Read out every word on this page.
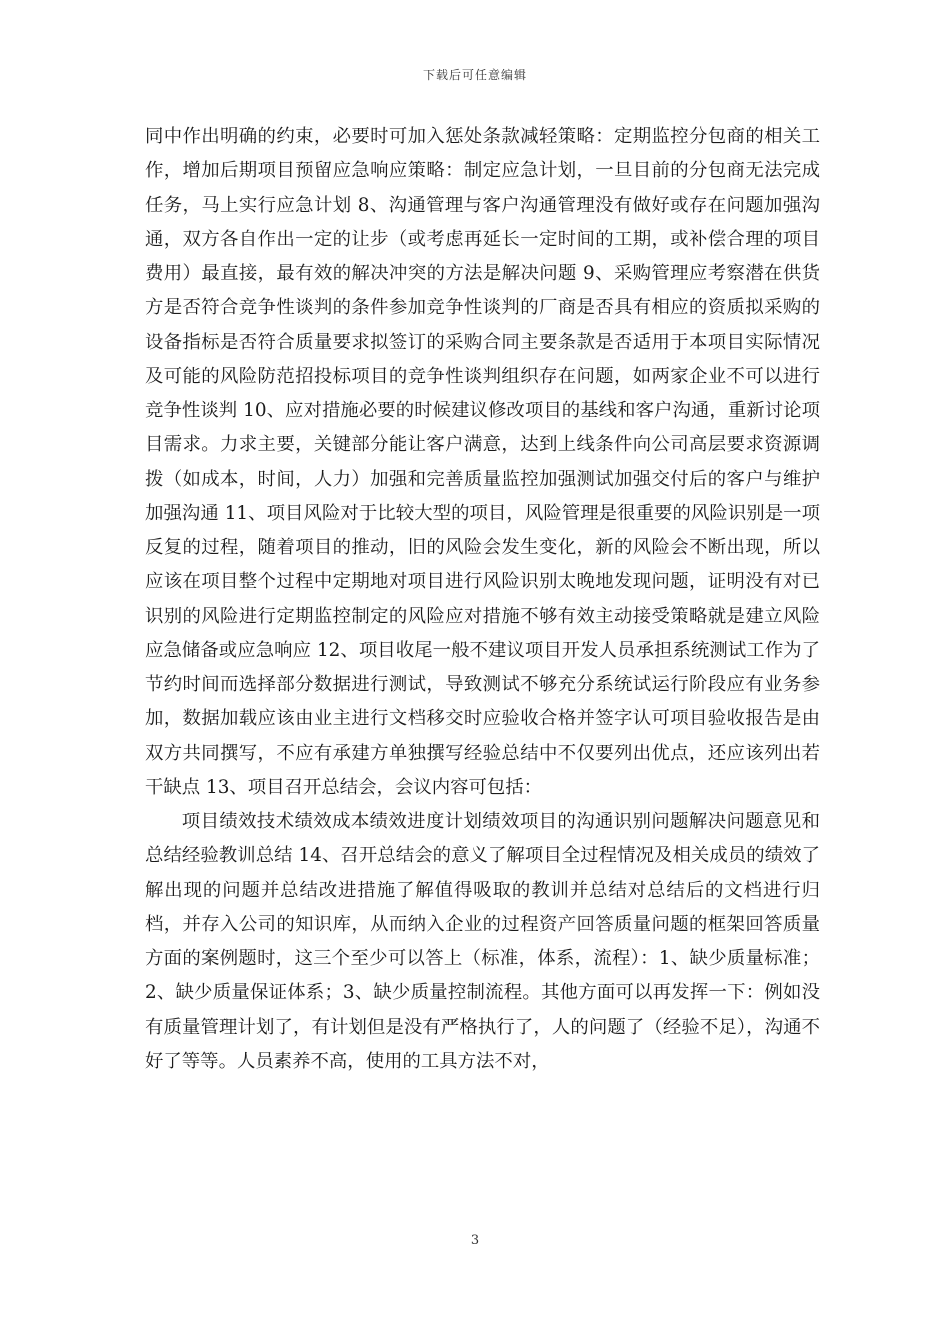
下载后可任意编辑

同中作出明确的约束，必要时可加入惩处条款减轻策略：定期监控分包商的相关工作，增加后期项目预留应急响应策略：制定应急计划，一旦目前的分包商无法完成任务，马上实行应急计划 8、沟通管理与客户沟通管理没有做好或存在问题加强沟通，双方各自作出一定的让步（或考虑再延长一定时间的工期，或补偿合理的项目费用）最直接，最有效的解决冲突的方法是解决问题 9、采购管理应考察潜在供货方是否符合竞争性谈判的条件参加竞争性谈判的厂商是否具有相应的资质拟采购的设备指标是否符合质量要求拟签订的采购合同主要条款是否适用于本项目实际情况及可能的风险防范招投标项目的竞争性谈判组织存在问题，如两家企业不可以进行竞争性谈判 10、应对措施必要的时候建议修改项目的基线和客户沟通，重新讨论项目需求。力求主要，关键部分能让客户满意，达到上线条件向公司高层要求资源调拨（如成本，时间，人力）加强和完善质量监控加强测试加强交付后的客户与维护加强沟通 11、项目风险对于比较大型的项目，风险管理是很重要的风险识别是一项反复的过程，随着项目的推动，旧的风险会发生变化，新的风险会不断出现，所以应该在项目整个过程中定期地对项目进行风险识别太晚地发现问题，证明没有对已识别的风险进行定期监控制定的风险应对措施不够有效主动接受策略就是建立风险应急储备或应急响应 12、项目收尾一般不建议项目开发人员承担系统测试工作为了节约时间而选择部分数据进行测试，导致测试不够充分系统试运行阶段应有业务参加，数据加载应该由业主进行文档移交时应验收合格并签字认可项目验收报告是由双方共同撰写，不应有承建方单独撰写经验总结中不仅要列出优点，还应该列出若干缺点 13、项目召开总结会，会议内容可包括：

项目绩效技术绩效成本绩效进度计划绩效项目的沟通识别问题解决问题意见和总结经验教训总结 14、召开总结会的意义了解项目全过程情况及相关成员的绩效了解出现的问题并总结改进措施了解值得吸取的教训并总结对总结后的文档进行归档，并存入公司的知识库，从而纳入企业的过程资产回答质量问题的框架回答质量方面的案例题时，这三个至少可以答上（标准，体系，流程）：1、缺少质量标准；2、缺少质量保证体系；3、缺少质量控制流程。其他方面可以再发挥一下：例如没有质量管理计划了，有计划但是没有严格执行了，人的问题了（经验不足），沟通不好了等等。人员素养不高，使用的工具方法不对，

3
